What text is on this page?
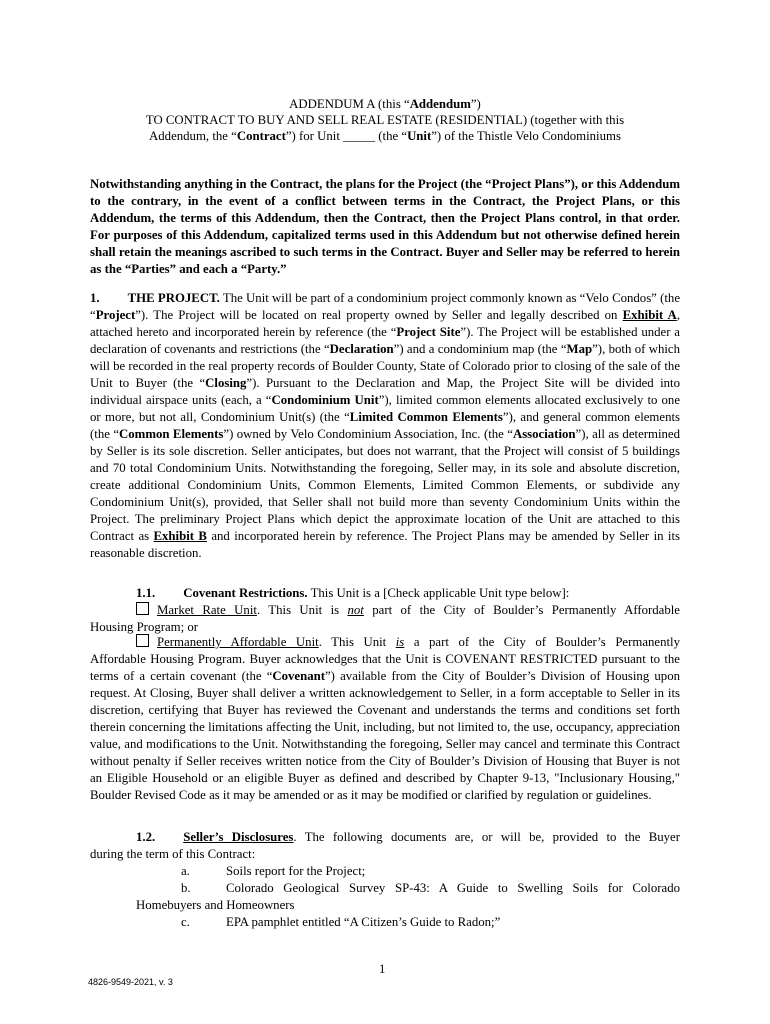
ADDENDUM A (this “Addendum”)
TO CONTRACT TO BUY AND SELL REAL ESTATE (RESIDENTIAL) (together with this
Addendum, the “Contract”) for Unit _____ (the “Unit”) of the Thistle Velo Condominiums
Notwithstanding anything in the Contract, the plans for the Project (the “Project Plans”), or this Addendum to the contrary, in the event of a conflict between terms in the Contract, the Project Plans, or this Addendum, the terms of this Addendum, then the Contract, then the Project Plans control, in that order. For purposes of this Addendum, capitalized terms used in this Addendum but not otherwise defined herein shall retain the meanings ascribed to such terms in the Contract. Buyer and Seller may be referred to herein as the “Parties” and each a “Party.”
1. THE PROJECT. The Unit will be part of a condominium project commonly known as “Velo Condos” (the “Project”). The Project will be located on real property owned by Seller and legally described on Exhibit A, attached hereto and incorporated herein by reference (the “Project Site”). The Project will be established under a declaration of covenants and restrictions (the “Declaration”) and a condominium map (the “Map”), both of which will be recorded in the real property records of Boulder County, State of Colorado prior to closing of the sale of the Unit to Buyer (the “Closing”). Pursuant to the Declaration and Map, the Project Site will be divided into individual airspace units (each, a “Condominium Unit”), limited common elements allocated exclusively to one or more, but not all, Condominium Unit(s) (the “Limited Common Elements”), and general common elements (the “Common Elements”) owned by Velo Condominium Association, Inc. (the “Association”), all as determined by Seller is its sole discretion. Seller anticipates, but does not warrant, that the Project will consist of 5 buildings and 70 total Condominium Units. Notwithstanding the foregoing, Seller may, in its sole and absolute discretion, create additional Condominium Units, Common Elements, Limited Common Elements, or subdivide any Condominium Unit(s), provided, that Seller shall not build more than seventy Condominium Units within the Project. The preliminary Project Plans which depict the approximate location of the Unit are attached to this Contract as Exhibit B and incorporated herein by reference. The Project Plans may be amended by Seller in its reasonable discretion.
1.1. Covenant Restrictions. This Unit is a [Check applicable Unit type below]:
Market Rate Unit. This Unit is not part of the City of Boulder’s Permanently Affordable
Housing Program; or
Permanently Affordable Unit. This Unit is a part of the City of Boulder’s Permanently
Affordable Housing Program. Buyer acknowledges that the Unit is COVENANT RESTRICTED pursuant to the terms of a certain covenant (the “Covenant”) available from the City of Boulder’s Division of Housing upon request. At Closing, Buyer shall deliver a written acknowledgement to Seller, in a form acceptable to Seller in its discretion, certifying that Buyer has reviewed the Covenant and understands the terms and conditions set forth therein concerning the limitations affecting the Unit, including, but not limited to, the use, occupancy, appreciation value, and modifications to the Unit. Notwithstanding the foregoing, Seller may cancel and terminate this Contract without penalty if Seller receives written notice from the City of Boulder’s Division of Housing that Buyer is not an Eligible Household or an eligible Buyer as defined and described by Chapter 9-13, "Inclusionary Housing," Boulder Revised Code as it may be amended or as it may be modified or clarified by regulation or guidelines.
1.2. Seller’s Disclosures. The following documents are, or will be, provided to the Buyer
during the term of this Contract:
a.	Soils report for the Project;
b.	Colorado Geological Survey SP-43: A Guide to Swelling Soils for Colorado
Homebuyers and Homeowners
c.	EPA pamphlet entitled “A Citizen’s Guide to Radon;”
1
4826-9549-2021, v. 3
